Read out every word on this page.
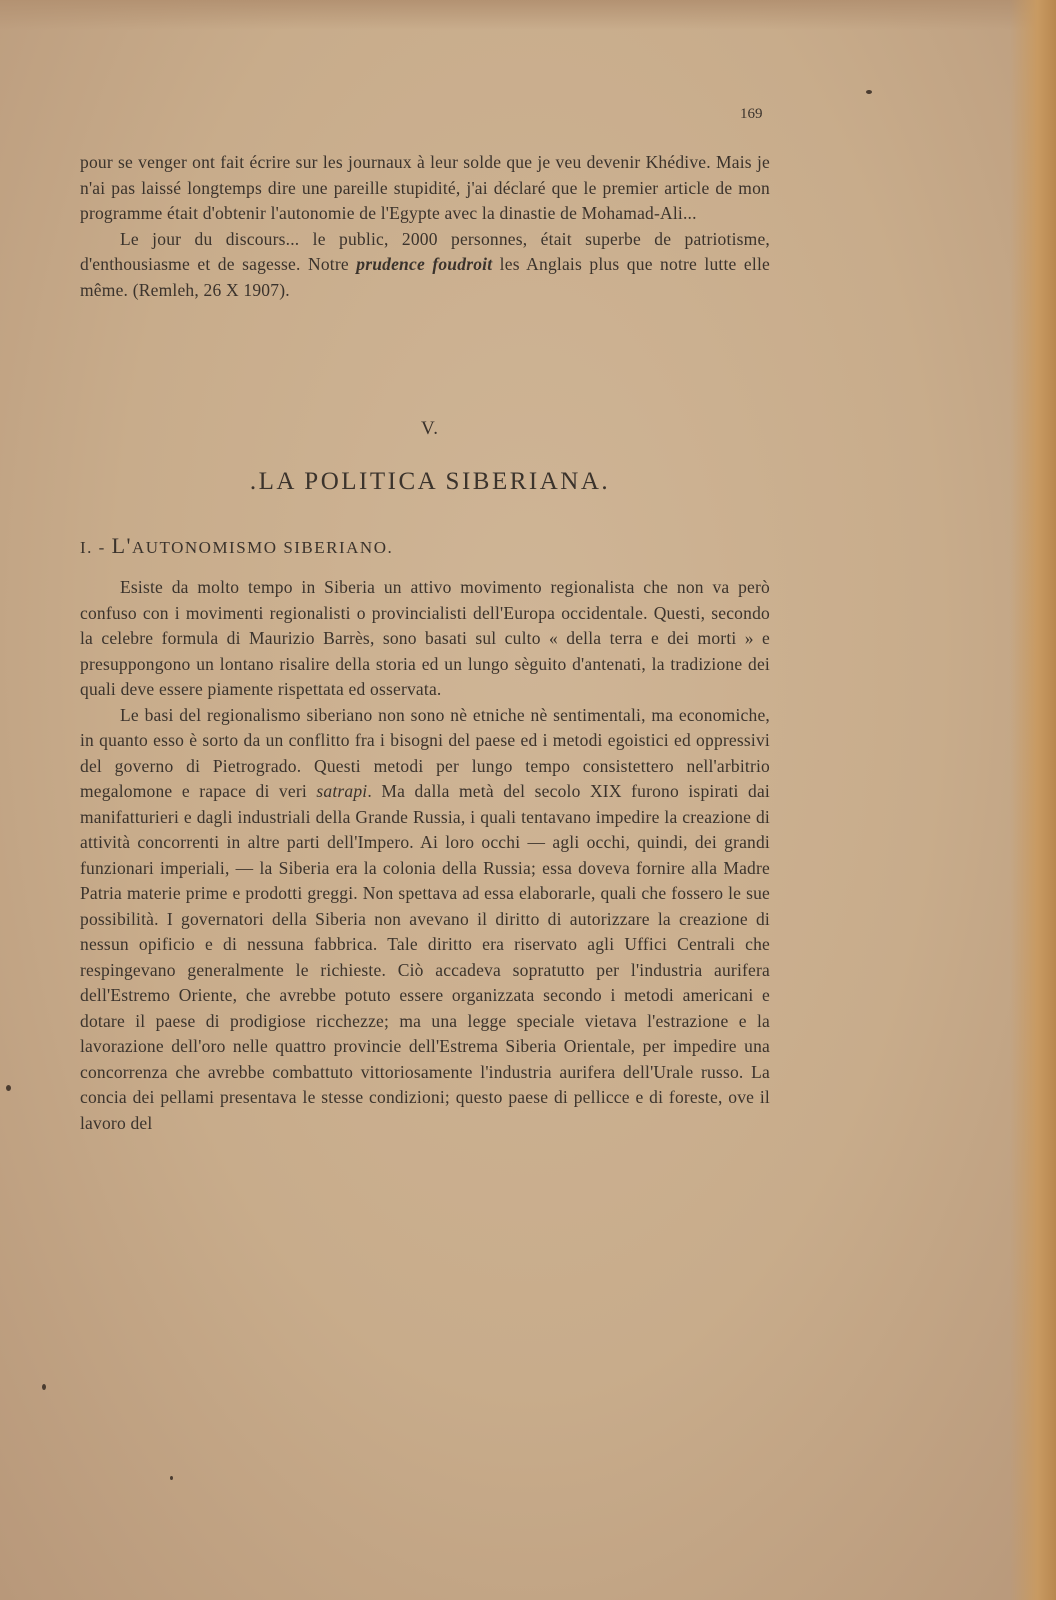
169

pour se venger ont fait écrire sur les journaux à leur solde que je veu devenir Khédive. Mais je n'ai pas laissé longtemps dire une pareille stupidité, j'ai déclaré que le premier article de mon programme était d'obtenir l'autonomie de l'Egypte avec la dinastie de Mohamad-Ali...

Le jour du discours... le public, 2000 personnes, était superbe de patriotisme, d'enthousiasme et de sagesse. Notre prudence foudroit les Anglais plus que notre lutte elle même. (Remleh, 26 X 1907).

V.
.LA POLITICA SIBERIANA.
I. - L'AUTONOMISMO SIBERIANO.

Esiste da molto tempo in Siberia un attivo movimento regionalista che non va però confuso con i movimenti regionalisti o provincialisti dell'Europa occidentale. Questi, secondo la celebre formula di Maurizio Barrès, sono basati sul culto « della terra e dei morti » e presuppongono un lontano risalire della storia ed un lungo sèguito d'antenati, la tradizione dei quali deve essere piamente rispettata ed osservata.

Le basi del regionalismo siberiano non sono nè etniche nè sentimentali, ma economiche, in quanto esso è sorto da un conflitto fra i bisogni del paese ed i metodi egoistici ed oppressivi del governo di Pietrogrado. Questi metodi per lungo tempo consistettero nell'arbitrio megalomone e rapace di veri satrapi. Ma dalla metà del secolo XIX furono ispirati dai manifatturieri e dagli industriali della Grande Russia, i quali tentavano impedire la creazione di attività concorrenti in altre parti dell'Impero. Ai loro occhi — agli occhi, quindi, dei grandi funzionari imperiali, — la Siberia era la colonia della Russia; essa doveva fornire alla Madre Patria materie prime e prodotti greggi. Non spettava ad essa elaborarle, quali che fossero le sue possibilità. I governatori della Siberia non avevano il diritto di autorizzare la creazione di nessun opificio e di nessuna fabbrica. Tale diritto era riservato agli Uffici Centrali che respingevano generalmente le richieste. Ciò accadeva sopratutto per l'industria aurifera dell'Estremo Oriente, che avrebbe potuto essere organizzata secondo i metodi americani e dotare il paese di prodigiose ricchezze; ma una legge speciale vietava l'estrazione e la lavorazione dell'oro nelle quattro provincie dell'Estrema Siberia Orientale, per impedire una concorrenza che avrebbe combattuto vittoriosamente l'industria aurifera dell'Urale russo. La concia dei pellami presentava le stesse condizioni; questo paese di pellicce e di foreste, ove il lavoro del
